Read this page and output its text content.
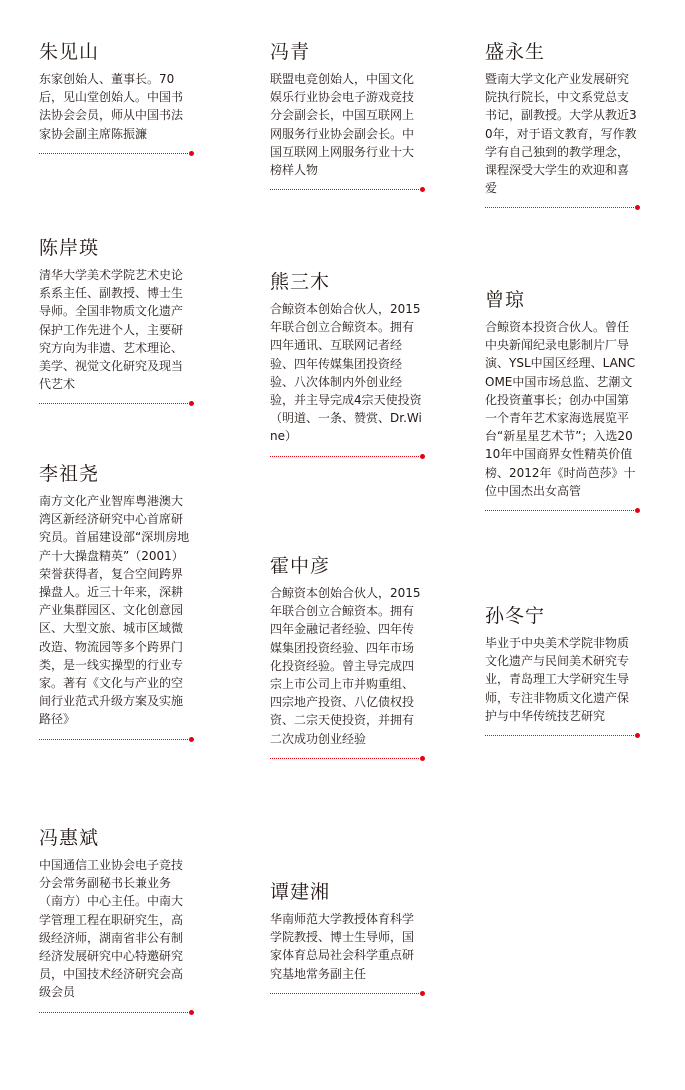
朱见山

东家创始人、董事长。70后，见山堂创始人。中国书法协会会员，师从中国书法家协会副主席陈振濂

陈岸瑛

清华大学美术学院艺术史论系系主任、副教授、博士生导师。全国非物质文化遗产保护工作先进个人，主要研究方向为非遗、艺术理论、美学、视觉文化研究及现当代艺术

李祖尧

南方文化产业智库粤港澳大湾区新经济研究中心首席研究员。首届建设部“深圳房地产十大操盘精英”（2001）荣誉获得者，复合空间跨界操盘人。近三十年来，深耕产业集群园区、文化创意园区、大型文旅、城市区域微改造、物流园等多个跨界门类，是一线实操型的行业专家。著有《文化与产业的空间行业范式升级方案及实施路径》

冯惠斌

中国通信工业协会电子竞技分会常务副秘书长兼业务（南方）中心主任。中南大学管理工程在职研究生，高级经济师，湖南省非公有制经济发展研究中心特邀研究员，中国技术经济研究会高级会员

冯青

联盟电竞创始人，中国文化娱乐行业协会电子游戏竞技分会副会长，中国互联网上网服务行业协会副会长。中国互联网上网服务行业十大榜样人物

熊三木

合鲸资本创始合伙人，2015年联合创立合鲸资本。拥有四年通讯、互联网记者经验、四年传媒集团投资经验、八次体制内外创业经验，并主导完成4宗天使投资（明道、一条、赞赏、Dr.Wine）

霍中彦

合鲸资本创始合伙人，2015年联合创立合鲸资本。拥有四年金融记者经验、四年传媒集团投资经验、四年市场化投资经验。曾主导完成四宗上市公司上市并购重组、四宗地产投资、八亿债权投资、二宗天使投资，并拥有二次成功创业经验

谭建湘

华南师范大学教授体育科学学院教授、博士生导师，国家体育总局社会科学重点研究基地常务副主任

盛永生

暨南大学文化产业发展研究院执行院长，中文系党总支书记，副教授。大学从教近30年，对于语文教育，写作教学有自己独到的教学理念，课程深受大学生的欢迎和喜爱

曾琼

合鲸资本投资合伙人。曾任中央新闻纪录电影制片厂导演、YSL中国区经理、LANCOME中国市场总监、艺潮文化投资董事长；创办中国第一个青年艺术家海选展览平台“新星星艺术节”；入选2010年中国商界女性精英价值榜、2012年《时尚芭莎》十位中国杰出女高管

孙冬宁

毕业于中央美术学院非物质文化遗产与民间美术研究专业，青岛理工大学研究生导师，专注非物质文化遗产保护与中华传统技艺研究
